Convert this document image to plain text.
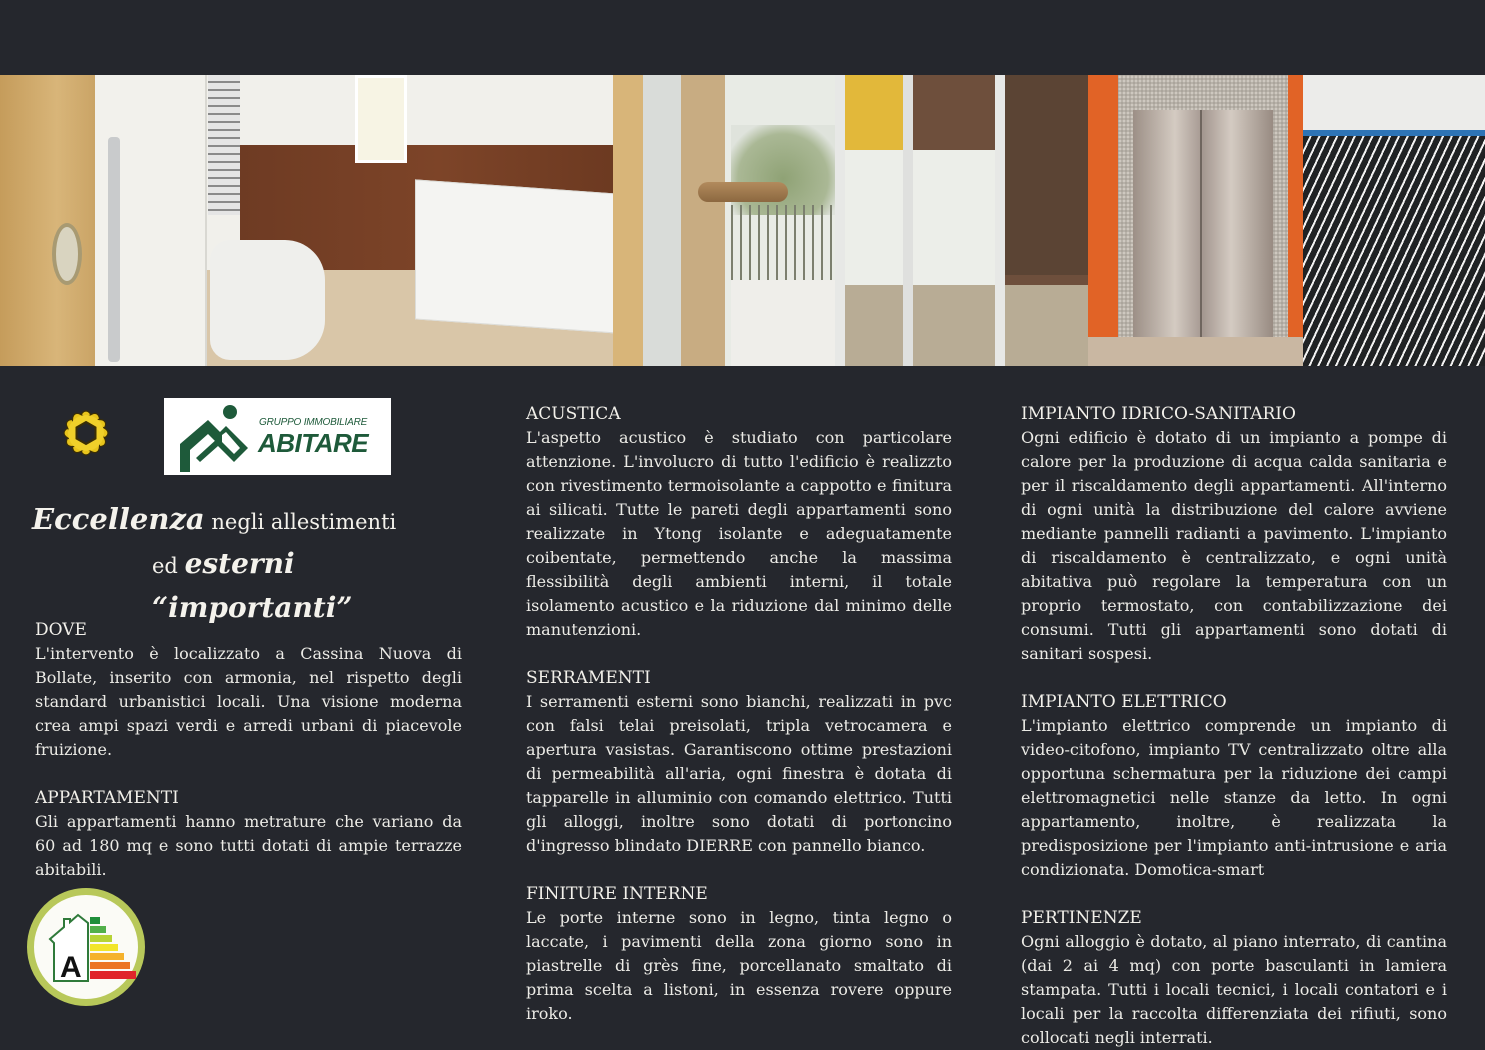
GRUPPO IMMOBILIARE
ABITARE
Eccellenza negli allestimenti
ed esterni “importanti”
DOVE
L'intervento è localizzato a Cassina Nuova di Bollate, inserito con armonia, nel rispetto degli standard urbanistici locali. Una visione moderna crea ampi spazi verdi e arredi urbani di piacevole fruizione.
APPARTAMENTI
Gli appartamenti hanno metrature che variano da 60 ad 180 mq e sono tutti dotati di ampie terrazze abitabili.
A
ACUSTICA
L'aspetto acustico è studiato con particolare attenzione. L'involucro di tutto l'edificio è realizzto con rivestimento termoisolante a cappotto e finitura ai silicati. Tutte le pareti degli appartamenti sono realizzate in Ytong isolante e adeguatamente coibentate, permettendo anche la massima flessibilità degli ambienti interni, il totale isolamento acustico e la riduzione dal minimo delle manutenzioni.
SERRAMENTI
I serramenti esterni sono bianchi, realizzati in pvc con falsi telai preisolati, tripla vetrocamera e apertura vasistas. Garantiscono ottime prestazioni di permeabilità all'aria, ogni finestra è dotata di tapparelle in alluminio con comando elettrico. Tutti gli alloggi, inoltre sono dotati di portoncino d'ingresso blindato DIERRE con pannello bianco.
FINITURE INTERNE
Le porte interne sono in legno, tinta legno o laccate, i pavimenti della zona giorno sono in piastrelle di grès fine, porcellanato smaltato di prima scelta a listoni, in essenza rovere oppure iroko.
IMPIANTO IDRICO-SANITARIO
Ogni edificio è dotato di un impianto a pompe di calore per la produzione di acqua calda sanitaria e per il riscaldamento degli appartamenti. All'interno di ogni unità la distribuzione del calore avviene mediante pannelli radianti a pavimento. L'impianto di riscaldamento è centralizzato, e ogni unità abitativa può regolare la temperatura con un proprio termostato, con contabilizzazione dei consumi. Tutti gli appartamenti sono dotati di sanitari sospesi.
IMPIANTO ELETTRICO
L'impianto elettrico comprende un impianto di video-citofono, impianto TV centralizzato oltre alla opportuna schermatura per la riduzione dei campi elettromagnetici nelle stanze da letto. In ogni appartamento, inoltre, è realizzata la predisposizione per l'impianto anti-intrusione e aria condizionata. Domotica-smart
PERTINENZE
Ogni alloggio è dotato, al piano interrato, di cantina (dai 2 ai 4 mq) con porte basculanti in lamiera stampata. Tutti i locali tecnici, i locali contatori e i locali per la raccolta differenziata dei rifiuti, sono collocati negli interrati.
